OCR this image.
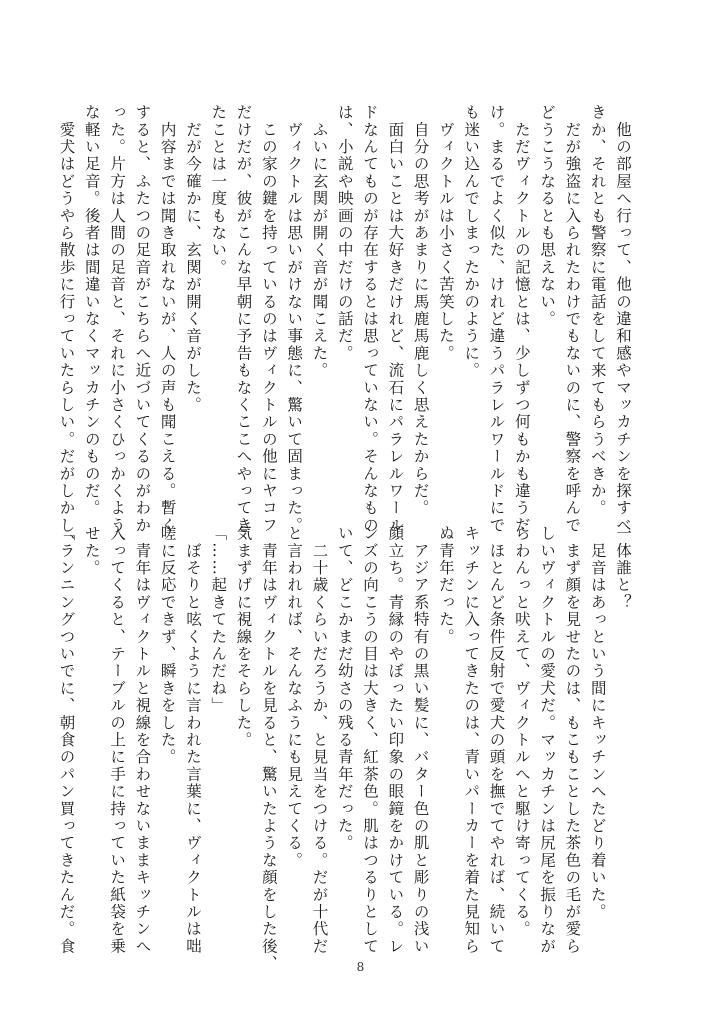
　他の部屋へ行って、他の違和感やマッカチンを探すべ
きか、それとも警察に電話をして来てもらうべきか。
　だが強盗に入られたわけでもないのに、警察を呼んで
どうこうなるとも思えない。
　ただヴィクトルの記憶とは、少しずつ何もかも違うだ
け。まるでよく似た、けれど違うパラレルワールドにで
も迷い込んでしまったかのように。
　ヴィクトルは小さく苦笑した。
　自分の思考があまりに馬鹿馬鹿しく思えたからだ。
　面白いことは大好きだけれど、流石にパラレルワール
ドなんてものが存在するとは思っていない。そんなもの
は、小説や映画の中だけの話だ。
　ふいに玄関が開く音が聞こえた。
　ヴィクトルは思いがけない事態に、驚いて固まった。
　この家の鍵を持っているのはヴィクトルの他にヤコフ
だけだが、彼がこんな早朝に予告もなくここへやってき
たことは一度もない。
　だが今確かに、玄関が開く音がした。
　内容までは聞き取れないが、人の声も聞こえる。暫く
すると、ふたつの足音がこちらへ近づいてくるのがわか
った。片方は人間の足音と、それに小さくひっかくよう
な軽い足音。後者は間違いなくマッカチンのものだ。
　愛犬はどうやら散歩に行っていたらしい。だがしかし、
一体誰と？
　足音はあっという間にキッチンへたどり着いた。
　まず顔を見せたのは、もこもことした茶色の毛が愛ら
しいヴィクトルの愛犬だ。マッカチンは尻尾を振りなが
らわんっと吠えて、ヴィクトルへと駆け寄ってくる。
　ほとんど条件反射で愛犬の頭を撫でてやれば、続いて
キッチンに入ってきたのは、青いパーカーを着た見知ら
ぬ青年だった。
　アジア系特有の黒い髪に、バター色の肌と彫りの浅い
顔立ち。青縁のやぼったい印象の眼鏡をかけている。レ
ンズの向こうの目は大きく、紅茶色。肌はつるりとして
いて、どこかまだ幼さの残る青年だった。
　二十歳くらいだろうか、と見当をつける。だが十代だ
と言われれば、そんなふうにも見えてくる。
　青年はヴィクトルを見ると、驚いたような顔をした後、
気まずげに視線をそらした。
「……起きてたんだね」
　ぼそりと呟くように言われた言葉に、ヴィクトルは咄
嗟に反応できず、瞬きをした。
　青年はヴィクトルと視線を合わせないままキッチンへ
入ってくると、テーブルの上に手に持っていた紙袋を乗
せた。
「ランニングついでに、朝食のパン買ってきたんだ。食
8
